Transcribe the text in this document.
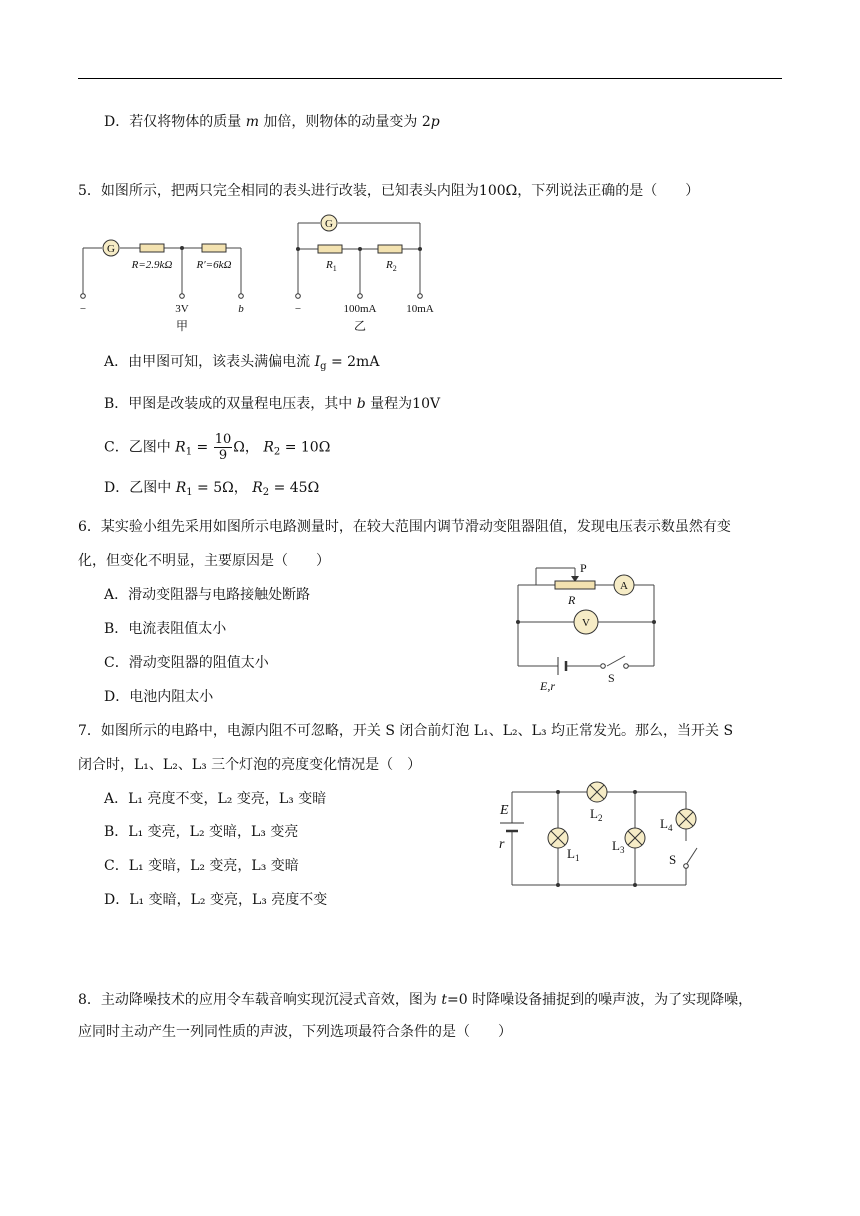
D．若仅将物体的质量 m 加倍，则物体的动量变为 2p
5．如图所示，把两只完全相同的表头进行改装，已知表头内阻为100Ω，下列说法正确的是（　　）
G
R=2.9kΩ R′=6kΩ
−	3V	b
甲
G
$R_1$	$R_2$
−	100mA	10mA
乙
A．由甲图可知，该表头满偏电流 $I_g = 2mA$
B．甲图是改装成的双量程电压表，其中 b 量程为10V
C．乙图中 $R_1 = \frac{10}{9}$ Ω， $R_2 = 10\Omega$
D．乙图中 $R_1 = 5\Omega$， $R_2 = 45\Omega$
6．某实验小组先采用如图所示电路测量时，在较大范围内调节滑动变阻器阻值，发现电压表示数虽然有变
化，但变化不明显，主要原因是（　　）
A．滑动变阻器与电路接触处断路
B．电流表阻值太小
C．滑动变阻器的阻值太小
D．电池内阻太小
P
R
A
V
E,r
S
7．如图所示的电路中，电源内阻不可忽略，开关 S 闭合前灯泡 L₁、L₂、L₃ 均正常发光。那么，当开关 S
闭合时，L₁、L₂、L₃ 三个灯泡的亮度变化情况是（　）
A．L₁ 亮度不变，L₂ 变亮，L₃ 变暗
B．L₁ 变亮，L₂ 变暗，L₃ 变亮
C．L₁ 变暗，L₂ 变亮，L₃ 变暗
D．L₁ 变暗，L₂ 变亮，L₃ 亮度不变
E
r
$L_1$
$L_2$
$L_3$
$L_4$
S
8．主动降噪技术的应用令车载音响实现沉浸式音效，图为 t=0 时降噪设备捕捉到的噪声波，为了实现降噪，
应同时主动产生一列同性质的声波，下列选项最符合条件的是（　　）
